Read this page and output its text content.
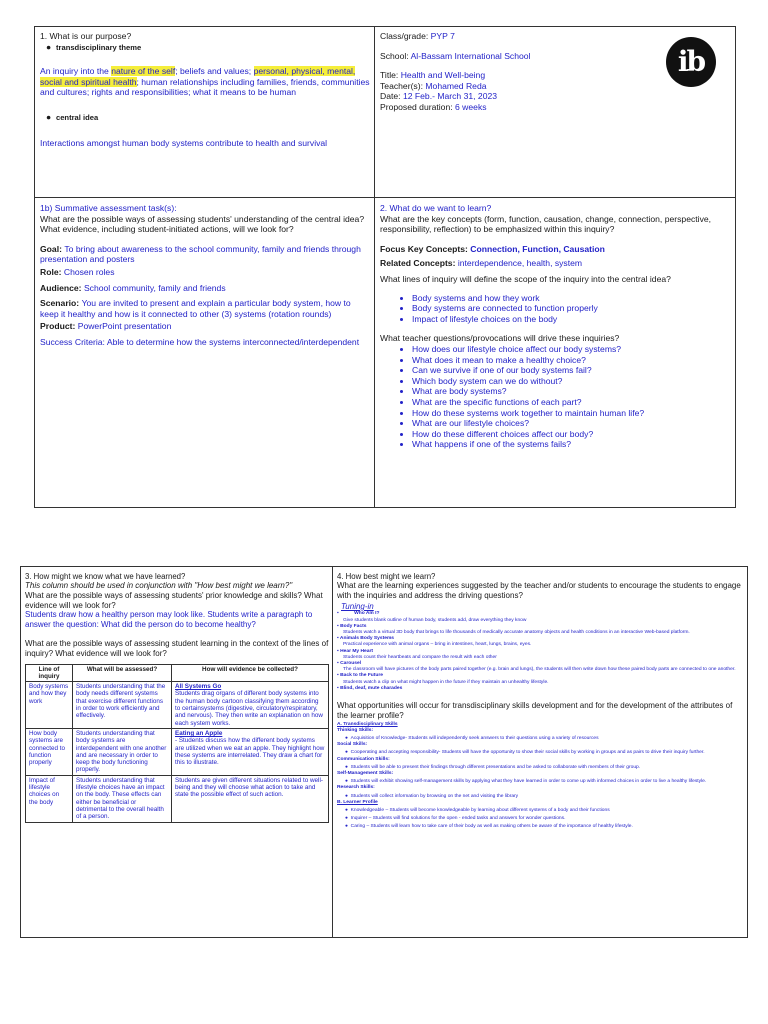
1. What is our purpose?

● transdisciplinary theme

An inquiry into the nature of the self; beliefs and values; personal, physical, mental, social and spiritual health; human relationships including families, friends, communities and cultures; rights and responsibilities; what it means to be human

● central idea

Interactions amongst human body systems contribute to health and survival

ib

Class/grade: PYP 7

School: Al-Bassam International School

Title: Health and Well-being

Teacher(s): Mohamed Reda

Date: 12 Feb.- March 31, 2023

Proposed duration: 6 weeks

1b) Summative assessment task(s):

What are the possible ways of assessing students' understanding of the central idea? What evidence, including student-initiated actions, will we look for?

Goal: To bring about awareness to the school community, family and friends through presentation and posters

Role: Chosen roles

Audience: School community, family and friends

Scenario: You are invited to present and explain a particular body system, how to keep it healthy and how is it connected to other (3) systems (rotation rounds)

Product: PowerPoint presentation

Success Criteria: Able to determine how the systems interconnected/interdependent

2. What do we want to learn?

What are the key concepts (form, function, causation, change, connection, perspective, responsibility, reflection) to be emphasized within this inquiry?

Focus Key Concepts: Connection, Function, Causation

Related Concepts: interdependence, health, system

What lines of inquiry will define the scope of the inquiry into the central idea?

• Body systems and how they work
• Body systems are connected to function properly
• Impact of lifestyle choices on the body

What teacher questions/provocations will drive these inquiries?

• How does our lifestyle choice affect our body systems?
• What does it mean to make a healthy choice?
• Can we survive if one of our body systems fail?
• Which body system can we do without?
• What are body systems?
• What are the specific functions of each part?
• How do these systems work together to maintain human life?
• What are our lifestyle choices?
• How do these different choices affect our body?
• What happens if one of the systems fails?

3. How might we know what we have learned?

This column should be used in conjunction with "How best might we learn?"

What are the possible ways of assessing students' prior knowledge and skills? What evidence will we look for?

Students draw how a healthy person may look like. Students write a paragraph to answer the question: What did the person do to become healthy?

What are the possible ways of assessing student learning in the context of the lines of inquiry? What evidence will we look for?

Line of inquiry	What will be assessed?	How will evidence be collected?
Body systems and how they work	Students understanding that the body needs different systems that exercise different functions in order to work efficiently and effectively.	All Systems Go
Students drag organs of different body systems into the human body cartoon classifying them according to certainsystems (digestive, circulatory/respiratory, and nervous). They then write an explanation on how each system works.
How body systems are connected to function properly	Students understanding that body systems are interdependent with one another and are necessary in order to keep the body functioning properly.	Eating an Apple
- Students discuss how the different body systems are utilized when we eat an apple. They highlight how these systems are interrelated. They draw a chart for this to illustrate.
Impact of lifestyle choices on the body	Students understanding that lifestyle choices have an impact on the body. These effects can either be beneficial or detrimental to the overall health of a person.	Students are given different situations related to well-being and they will choose what action to take and state the possible effect of such action.

4. How best might we learn?

What are the learning experiences suggested by the teacher and/or students to encourage the students to engage with the inquiries and address the driving questions?

Tuning-in

▪	Who Am I?

Give students blank outline of human body, students add, draw everything they know

▪ Body Facts

Students watch a virtual 3D body that brings to life thousands of medically accurate anatomy objects and health conditions in an interactive Web-based platform.

▪ Animals Body Systems

Practical experience with animal organs – bring in intestines, heart, lungs, brains, eyes.

▪ Hear My Heart

Students count their heartbeats and compare the result with each other

▪ Carousel

The classroom will have pictures of the body parts paired together (e.g. brain and lungs), the students will then write down how these paired body parts are connected to one another.

▪ Back to the Future

Students watch a clip on what might happen in the future if they maintain an unhealthy lifestyle.

▪ Blind, deaf, mute charades

What opportunities will occur for transdisciplinary skills development and for the development of the attributes of the learner profile?

A. Transdisciplinary Skills

Thinking Skills:

●  Acquisition of Knowledge- Students will independently seek answers to their questions using a variety of resources

Social Skills:

●  Cooperating and accepting responsibility- Students will have the opportunity to show their social skills by working in groups and as pairs to drive their inquiry further.

Communication Skills:

●  Students will be able to present their findings through different presentations and be asked to collaborate with members of their group.

Self-Management Skills:

●  Students will exhibit showing self-management skills by applying what they have learned in order to come up with informed choices in order to live a healthy lifestyle.

Research Skills:

●  Students will collect information by browsing on the net and visiting the library

B. Learner Profile

●  Knowledgeable – Students will become knowledgeable by learning about different systems of a body and their functions

●  Inquirer – Students will find solutions for the open - ended tasks and answers for wonder questions.

●  Caring – Students will learn how to take care of their body as well as making others be aware of the importance of healthy lifestyle.
